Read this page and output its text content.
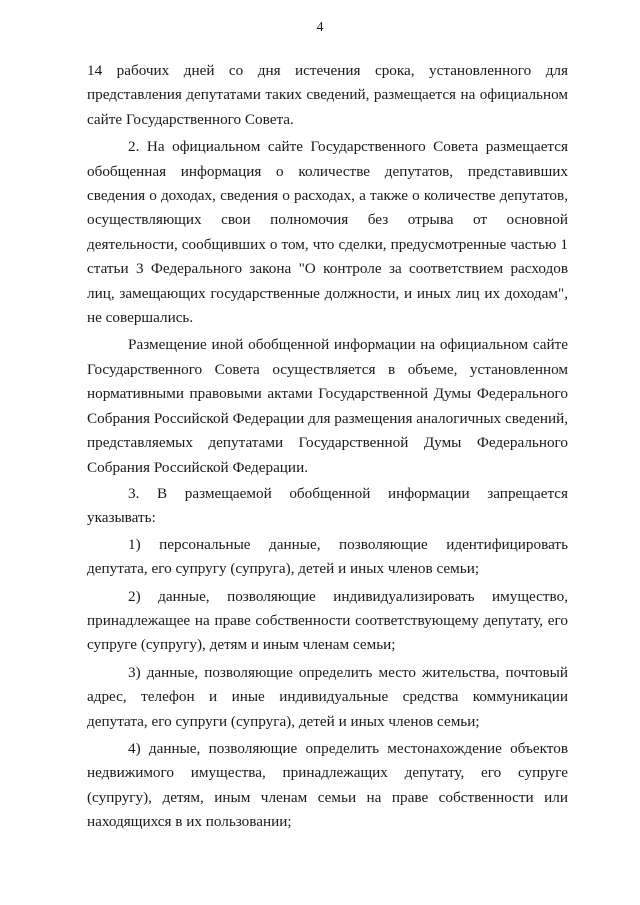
4

14 рабочих дней со дня истечения срока, установленного для представления депутатами таких сведений, размещается на официальном сайте Государственного Совета.

2. На официальном сайте Государственного Совета размещается обобщенная информация о количестве депутатов, представивших сведения о доходах, сведения о расходах, а также о количестве депутатов, осуществляющих свои полномочия без отрыва от основной деятельности, сообщивших о том, что сделки, предусмотренные частью 1 статьи 3 Федерального закона "О контроле за соответствием расходов лиц, замещающих государственные должности, и иных лиц их доходам", не совершались.

Размещение иной обобщенной информации на официальном сайте Государственного Совета осуществляется в объеме, установленном нормативными правовыми актами Государственной Думы Федерального Собрания Российской Федерации для размещения аналогичных сведений, представляемых депутатами Государственной Думы Федерального Собрания Российской Федерации.

3. В размещаемой обобщенной информации запрещается указывать:

1) персональные данные, позволяющие идентифицировать депутата, его супругу (супруга), детей и иных членов семьи;

2) данные, позволяющие индивидуализировать имущество, принадлежащее на праве собственности соответствующему депутату, его супруге (супругу), детям и иным членам семьи;

3) данные, позволяющие определить место жительства, почтовый адрес, телефон и иные индивидуальные средства коммуникации депутата, его супруги (супруга), детей и иных членов семьи;

4) данные, позволяющие определить местонахождение объектов недвижимого имущества, принадлежащих депутату, его супруге (супругу), детям, иным членам семьи на праве собственности или находящихся в их пользовании;
